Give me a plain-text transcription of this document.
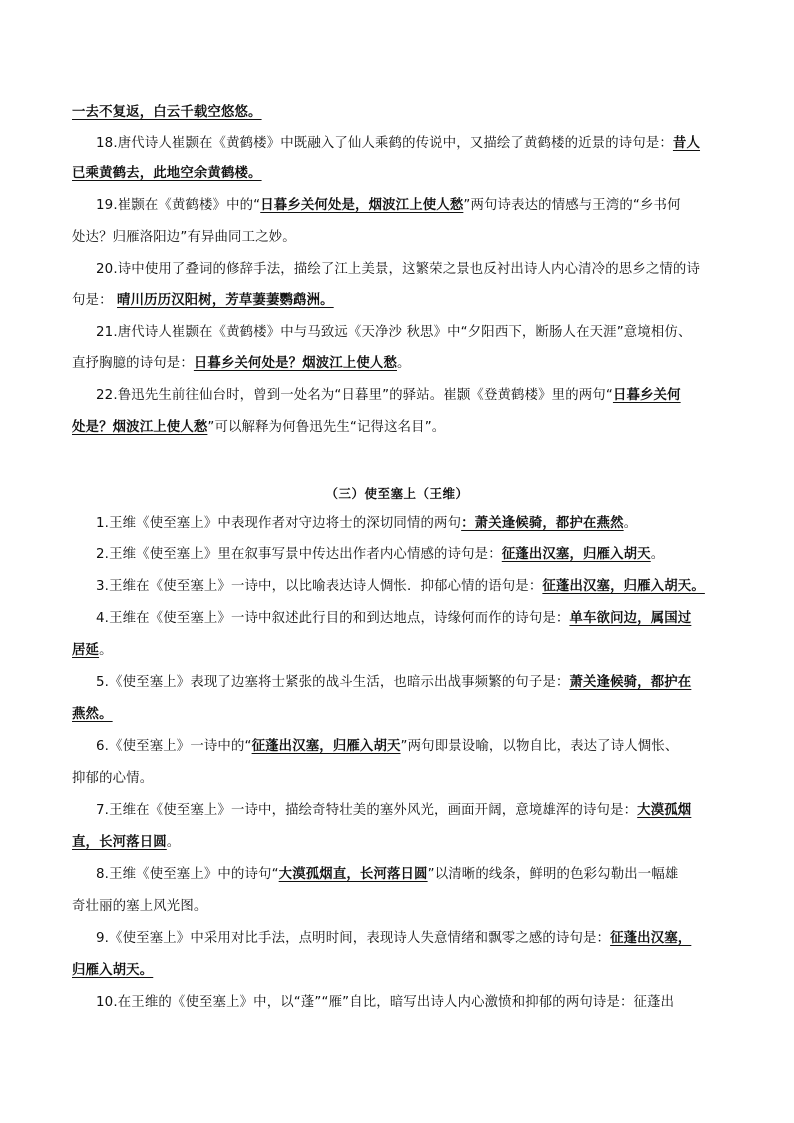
一去不复返，白云千载空悠悠。
18.唐代诗人崔颢在《黄鹤楼》中既融入了仙人乘鹤的传说中，又描绘了黄鹤楼的近景的诗句是：昔人
已乘黄鹤去，此地空余黄鹤楼。
19.崔颢在《黄鹤楼》中的“日暮乡关何处是，烟波江上使人愁”两句诗表达的情感与王湾的“乡书何
处达？归雁洛阳边”有异曲同工之妙。
20.诗中使用了叠词的修辞手法，描绘了江上美景，这繁荣之景也反衬出诗人内心清冷的思乡之情的诗
句是： 晴川历历汉阳树，芳草萋萋鹦鹉洲。
21.唐代诗人崔颢在《黄鹤楼》中与马致远《天净沙 秋思》中“夕阳西下，断肠人在天涯”意境相仿、
直抒胸臆的诗句是：日暮乡关何处是？烟波江上使人愁。
22.鲁迅先生前往仙台时，曾到一处名为“日暮里”的驿站。崔颢《登黄鹤楼》里的两句“日暮乡关何
处是？烟波江上使人愁”可以解释为何鲁迅先生“记得这名目”。
（三）使至塞上（王维）
1.王维《使至塞上》中表现作者对守边将士的深切同情的两句：萧关逢候骑，都护在燕然。
2.王维《使至塞上》里在叙事写景中传达出作者内心情感的诗句是：征蓬出汉塞，归雁入胡天。
3.王维在《使至塞上》一诗中，以比喻表达诗人惆怅．抑郁心情的语句是：征蓬出汉塞，归雁入胡天。
4.王维在《使至塞上》一诗中叙述此行目的和到达地点，诗缘何而作的诗句是：单车欲问边，属国过
居延。
5.《使至塞上》表现了边塞将士紧张的战斗生活，也暗示出战事频繁的句子是：萧关逢候骑，都护在
燕然。
6.《使至塞上》一诗中的“征蓬出汉塞，归雁入胡天”两句即景设喻，以物自比，表达了诗人惆怅、
抑郁的心情。
7.王维在《使至塞上》一诗中，描绘奇特壮美的塞外风光，画面开阔，意境雄浑的诗句是：大漠孤烟
直，长河落日圆。
8.王维《使至塞上》中的诗句“大漠孤烟直，长河落日圆”以清晰的线条，鲜明的色彩勾勒出一幅雄
奇壮丽的塞上风光图。
9.《使至塞上》中采用对比手法，点明时间，表现诗人失意情绪和飘零之感的诗句是：征蓬出汉塞，
归雁入胡天。
10.在王维的《使至塞上》中，以“蓬”“雁”自比，暗写出诗人内心激愤和抑郁的两句诗是：征蓬出
